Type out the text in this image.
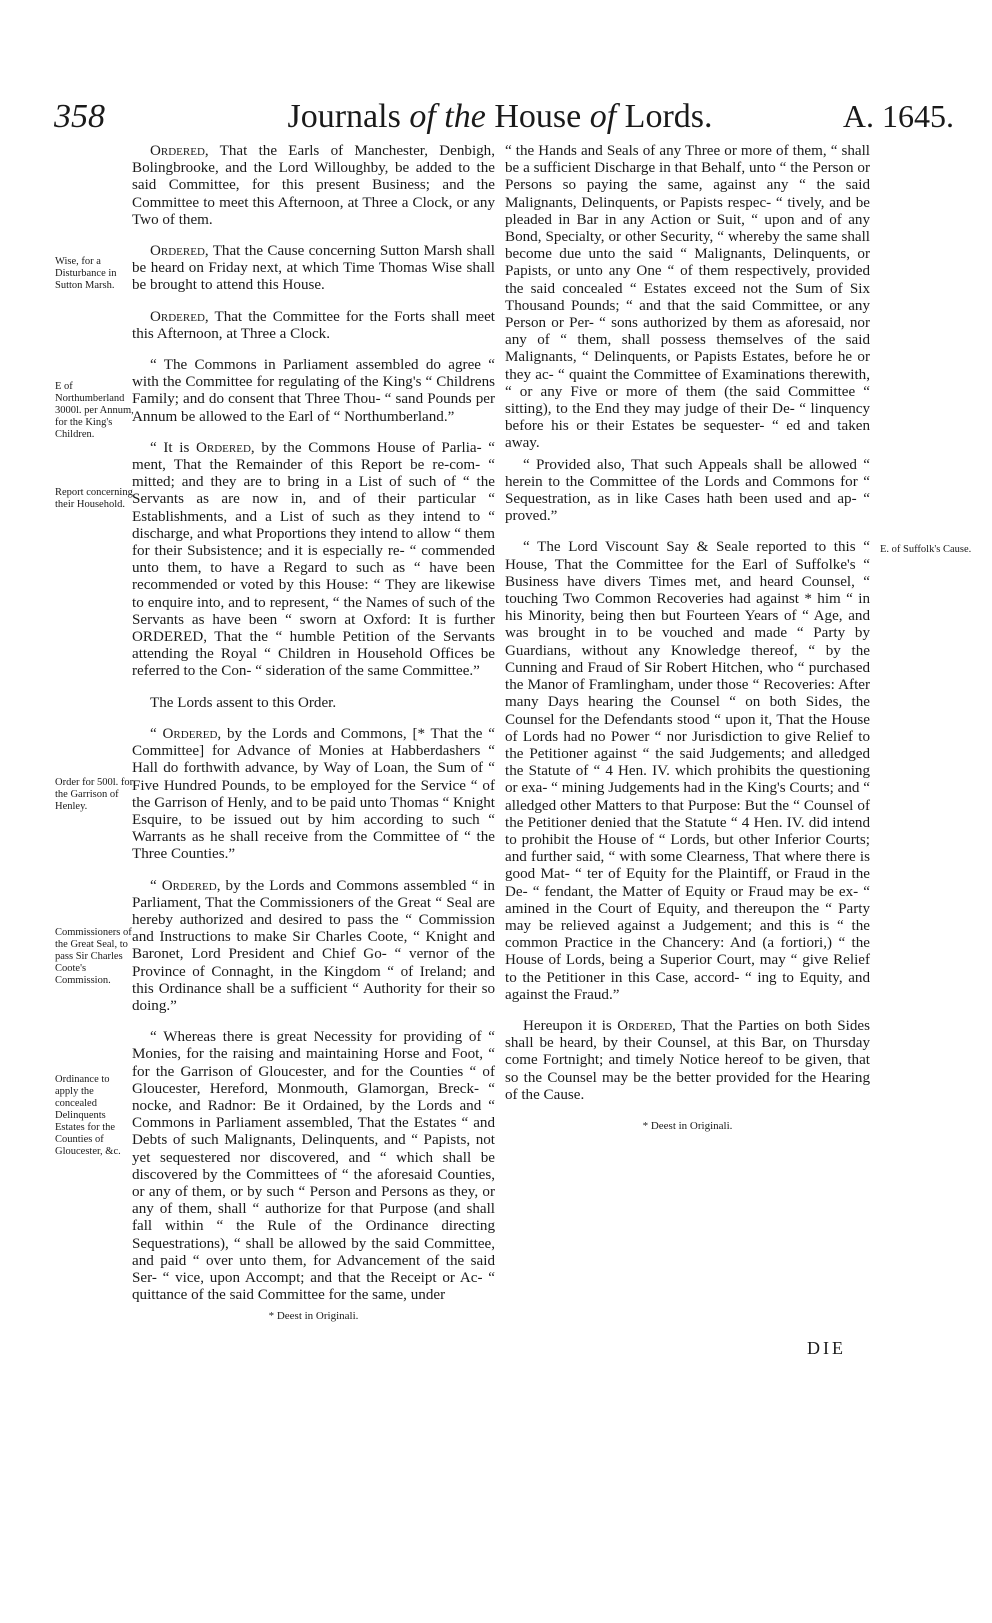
358	Journals of the House of Lords.	A. 1645.
Wise, for a Disturbance in Sutton Marsh.
E of Northumberland 3000l. per Annum, for the King's Children.
Report concerning their Household.
Order for 500l. for the Garrison of Henley.
Commissioners of the Great Seal, to pass Sir Charles Coote's Commission.
Ordinance to apply the concealed Delinquents Estates for the Counties of Gloucester, &c.
E. of Suffolk's Cause.

Ordered, That the Earls of Manchester, Denbigh, Bolingbrooke, and the Lord Willoughby, be added to the said Committee, for this present Business; and the Committee to meet this Afternoon, at Three a Clock, or any Two of them.

Ordered, That the Cause concerning Sutton Marsh shall be heard on Friday next, at which Time Thomas Wise shall be brought to attend this House.

Ordered, That the Committee for the Forts shall meet this Afternoon, at Three a Clock.

“ The Commons in Parliament assembled do agree “ with the Committee for regulating of the King's “ Childrens Family; and do consent that Three Thou- “ sand Pounds per Annum be allowed to the Earl of “ Northumberland.”

“ It is Ordered, by the Commons House of Parlia- “ ment, That the Remainder of this Report be re-com- “ mitted; and they are to bring in a List of such of “ the Servants as are now in, and of their particular “ Establishments, and a List of such as they intend to “ discharge, and what Proportions they intend to allow “ them for their Subsistence; and it is especially re- “ commended unto them, to have a Regard to such as “ have been recommended or voted by this House: “ They are likewise to enquire into, and to represent, “ the Names of such of the Servants as have been “ sworn at Oxford: It is further ORDERED, That the “ humble Petition of the Servants attending the Royal “ Children in Household Offices be referred to the Con- “ sideration of the same Committee.”

The Lords assent to this Order.

“ Ordered, by the Lords and Commons, [* That the “ Committee] for Advance of Monies at Habberdashers “ Hall do forthwith advance, by Way of Loan, the Sum of “ Five Hundred Pounds, to be employed for the Service “ of the Garrison of Henly, and to be paid unto Thomas “ Knight Esquire, to be issued out by him according to such “ Warrants as he shall receive from the Committee of “ the Three Counties.”

“ Ordered, by the Lords and Commons assembled “ in Parliament, That the Commissioners of the Great “ Seal are hereby authorized and desired to pass the “ Commission and Instructions to make Sir Charles Coote, “ Knight and Baronet, Lord President and Chief Go- “ vernor of the Province of Connaght, in the Kingdom “ of Ireland; and this Ordinance shall be a sufficient “ Authority for their so doing.”

“ Whereas there is great Necessity for providing of “ Monies, for the raising and maintaining Horse and Foot, “ for the Garrison of Gloucester, and for the Counties “ of Gloucester, Hereford, Monmouth, Glamorgan, Breck- “ nocke, and Radnor: Be it Ordained, by the Lords and “ Commons in Parliament assembled, That the Estates “ and Debts of such Malignants, Delinquents, and “ Papists, not yet sequestered nor discovered, and “ which shall be discovered by the Committees of “ the aforesaid Counties, or any of them, or by such “ Person and Persons as they, or any of them, shall “ authorize for that Purpose (and shall fall within “ the Rule of the Ordinance directing Sequestrations), “ shall be allowed by the said Committee, and paid “ over unto them, for Advancement of the said Ser- “ vice, upon Accompt; and that the Receipt or Ac- “ quittance of the said Committee for the same, under

* Deest in Originali.

“ the Hands and Seals of any Three or more of them, “ shall be a sufficient Discharge in that Behalf, unto “ the Person or Persons so paying the same, against any “ the said Malignants, Delinquents, or Papists respec- “ tively, and be pleaded in Bar in any Action or Suit, “ upon and of any Bond, Specialty, or other Security, “ whereby the same shall become due unto the said “ Malignants, Delinquents, or Papists, or unto any One “ of them respectively, provided the said concealed “ Estates exceed not the Sum of Six Thousand Pounds; “ and that the said Committee, or any Person or Per- “ sons authorized by them as aforesaid, nor any of “ them, shall possess themselves of the said Malignants, “ Delinquents, or Papists Estates, before he or they ac- “ quaint the Committee of Examinations therewith, “ or any Five or more of them (the said Committee “ sitting), to the End they may judge of their De- “ linquency before his or their Estates be sequester- “ ed and taken away.

“ Provided also, That such Appeals shall be allowed “ herein to the Committee of the Lords and Commons for “ Sequestration, as in like Cases hath been used and ap- “ proved.”

“ The Lord Viscount Say & Seale reported to this “ House, That the Committee for the Earl of Suffolke's “ Business have divers Times met, and heard Counsel, “ touching Two Common Recoveries had against * him “ in his Minority, being then but Fourteen Years of “ Age, and was brought in to be vouched and made “ Party by Guardians, without any Knowledge thereof, “ by the Cunning and Fraud of Sir Robert Hitchen, who “ purchased the Manor of Framlingham, under those “ Recoveries: After many Days hearing the Counsel “ on both Sides, the Counsel for the Defendants stood “ upon it, That the House of Lords had no Power “ nor Jurisdiction to give Relief to the Petitioner against “ the said Judgements; and alledged the Statute of “ 4 Hen. IV. which prohibits the questioning or exa- “ mining Judgements had in the King's Courts; and “ alledged other Matters to that Purpose: But the “ Counsel of the Petitioner denied that the Statute “ 4 Hen. IV. did intend to prohibit the House of “ Lords, but other Inferior Courts; and further said, “ with some Clearness, That where there is good Mat- “ ter of Equity for the Plaintiff, or Fraud in the De- “ fendant, the Matter of Equity or Fraud may be ex- “ amined in the Court of Equity, and thereupon the “ Party may be relieved against a Judgement; and this is “ the common Practice in the Chancery: And (a fortiori,) “ the House of Lords, being a Superior Court, may “ give Relief to the Petitioner in this Case, accord- “ ing to Equity, and against the Fraud.”

Hereupon it is Ordered, That the Parties on both Sides shall be heard, by their Counsel, at this Bar, on Thursday come Fortnight; and timely Notice hereof to be given, that so the Counsel may be the better provided for the Hearing of the Cause.

* Deest in Originali.
DIE
